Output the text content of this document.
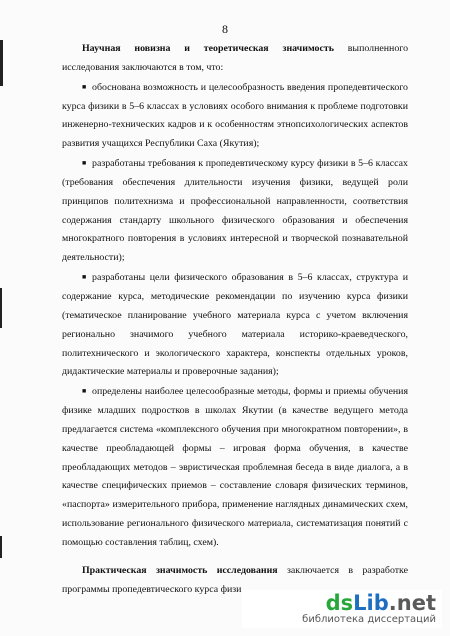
8

Научная новизна и теоретическая значимость выполненного исследования заключаются в том, что:

■ обоснована возможность и целесообразность введения пропедевтического курса физики в 5–6 классах в условиях особого внимания к проблеме подготовки инженерно-технических кадров и к особенностям этнопсихологических аспектов развития учащихся Республики Саха (Якутия);

■ разработаны требования к пропедевтическому курсу физики в 5–6 классах (требования обеспечения длительности изучения физики, ведущей роли принципов политехнизма и профессиональной направленности, соответствия содержания стандарту школьного физического образования и обеспечения многократного повторения в условиях интересной и творческой познавательной деятельности);

■ разработаны цели физического образования в 5–6 классах, структура и содержание курса, методические рекомендации по изучению курса физики (тематическое планирование учебного материала курса с учетом включения регионально значимого учебного материала историко-краеведческого, политехнического и экологического характера, конспекты отдельных уроков, дидактические материалы и проверочные задания);

■ определены наиболее целесообразные методы, формы и приемы обучения физике младших подростков в школах Якутии (в качестве ведущего метода предлагается система «комплексного обучения при многократном повторении», в качестве преобладающей формы – игровая форма обучения, в качестве преобладающих методов – эвристическая проблемная беседа в виде диалога, а в качестве специфических приемов – составление словаря физических терминов, «паспорта» измерительного прибора, применение наглядных динамических схем, использование регионального физического материала, систематизация понятий с помощью составления таблиц, схем).

Практическая значимость исследования заключается в разработке программы пропедевтического курса физи

dsLib.net
библиотека диссертаций
